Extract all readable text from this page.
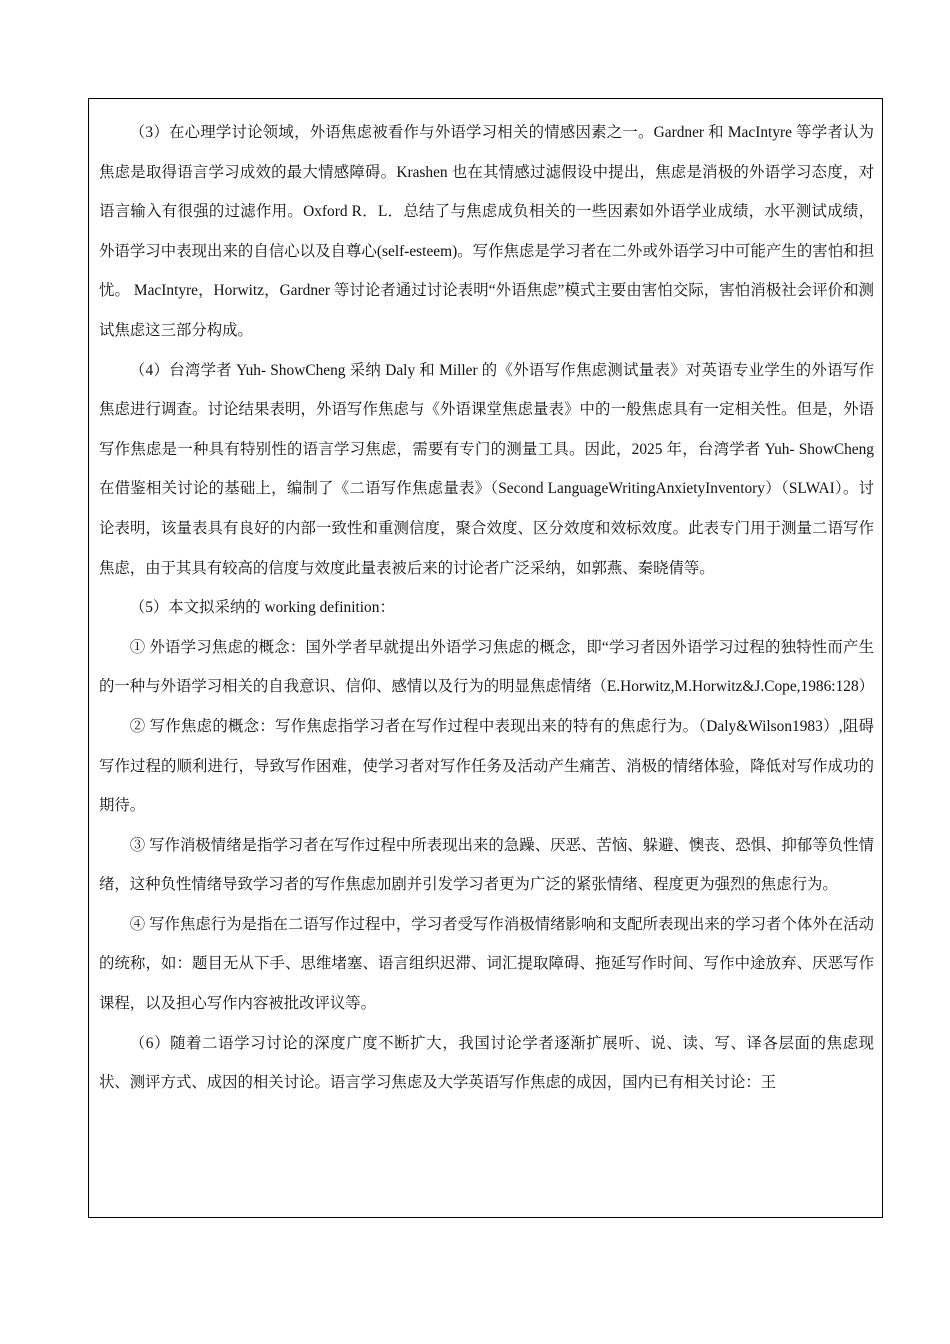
（3）在心理学讨论领域，外语焦虑被看作与外语学习相关的情感因素之一。Gardner 和 MacIntyre 等学者认为焦虑是取得语言学习成效的最大情感障碍。Krashen 也在其情感过滤假设中提出，焦虑是消极的外语学习态度，对语言输入有很强的过滤作用。Oxford R．L．总结了与焦虑成负相关的一些因素如外语学业成绩，水平测试成绩，外语学习中表现出来的自信心以及自尊心(self-esteem)。写作焦虑是学习者在二外或外语学习中可能产生的害怕和担忧。 MacIntyre，Horwitz，Gardner 等讨论者通过讨论表明“外语焦虑”模式主要由害怕交际，害怕消极社会评价和测试焦虑这三部分构成。

（4）台湾学者 Yuh- ShowCheng 采纳 Daly 和 Miller 的《外语写作焦虑测试量表》对英语专业学生的外语写作焦虑进行调查。讨论结果表明，外语写作焦虑与《外语课堂焦虑量表》中的一般焦虑具有一定相关性。但是，外语写作焦虑是一种具有特别性的语言学习焦虑，需要有专门的测量工具。因此，2025 年，台湾学者 Yuh- ShowCheng 在借鉴相关讨论的基础上，编制了《二语写作焦虑量表》（Second LanguageWritingAnxietyInventory）（SLWAI）。讨论表明，该量表具有良好的内部一致性和重测信度，聚合效度、区分效度和效标效度。此表专门用于测量二语写作焦虑，由于其具有较高的信度与效度此量表被后来的讨论者广泛采纳，如郭燕、秦晓倩等。

（5）本文拟采纳的 working definition：

① 外语学习焦虑的概念：国外学者早就提出外语学习焦虑的概念，即“学习者因外语学习过程的独特性而产生的一种与外语学习相关的自我意识、信仰、感情以及行为的明显焦虑情绪（E.Horwitz,M.Horwitz&J.Cope,1986:128）

② 写作焦虑的概念：写作焦虑指学习者在写作过程中表现出来的特有的焦虑行为。（Daly&Wilson1983）,阻碍写作过程的顺利进行，导致写作困难，使学习者对写作任务及活动产生痛苦、消极的情绪体验，降低对写作成功的期待。

③ 写作消极情绪是指学习者在写作过程中所表现出来的急躁、厌恶、苦恼、躲避、懊丧、恐惧、抑郁等负性情绪，这种负性情绪导致学习者的写作焦虑加剧并引发学习者更为广泛的紧张情绪、程度更为强烈的焦虑行为。

④ 写作焦虑行为是指在二语写作过程中，学习者受写作消极情绪影响和支配所表现出来的学习者个体外在活动的统称，如：题目无从下手、思维堵塞、语言组织迟滞、词汇提取障碍、拖延写作时间、写作中途放弃、厌恶写作课程，以及担心写作内容被批改评议等。

（6）随着二语学习讨论的深度广度不断扩大，我国讨论学者逐渐扩展听、说、读、写、译各层面的焦虑现状、测评方式、成因的相关讨论。语言学习焦虑及大学英语写作焦虑的成因，国内已有相关讨论：王
